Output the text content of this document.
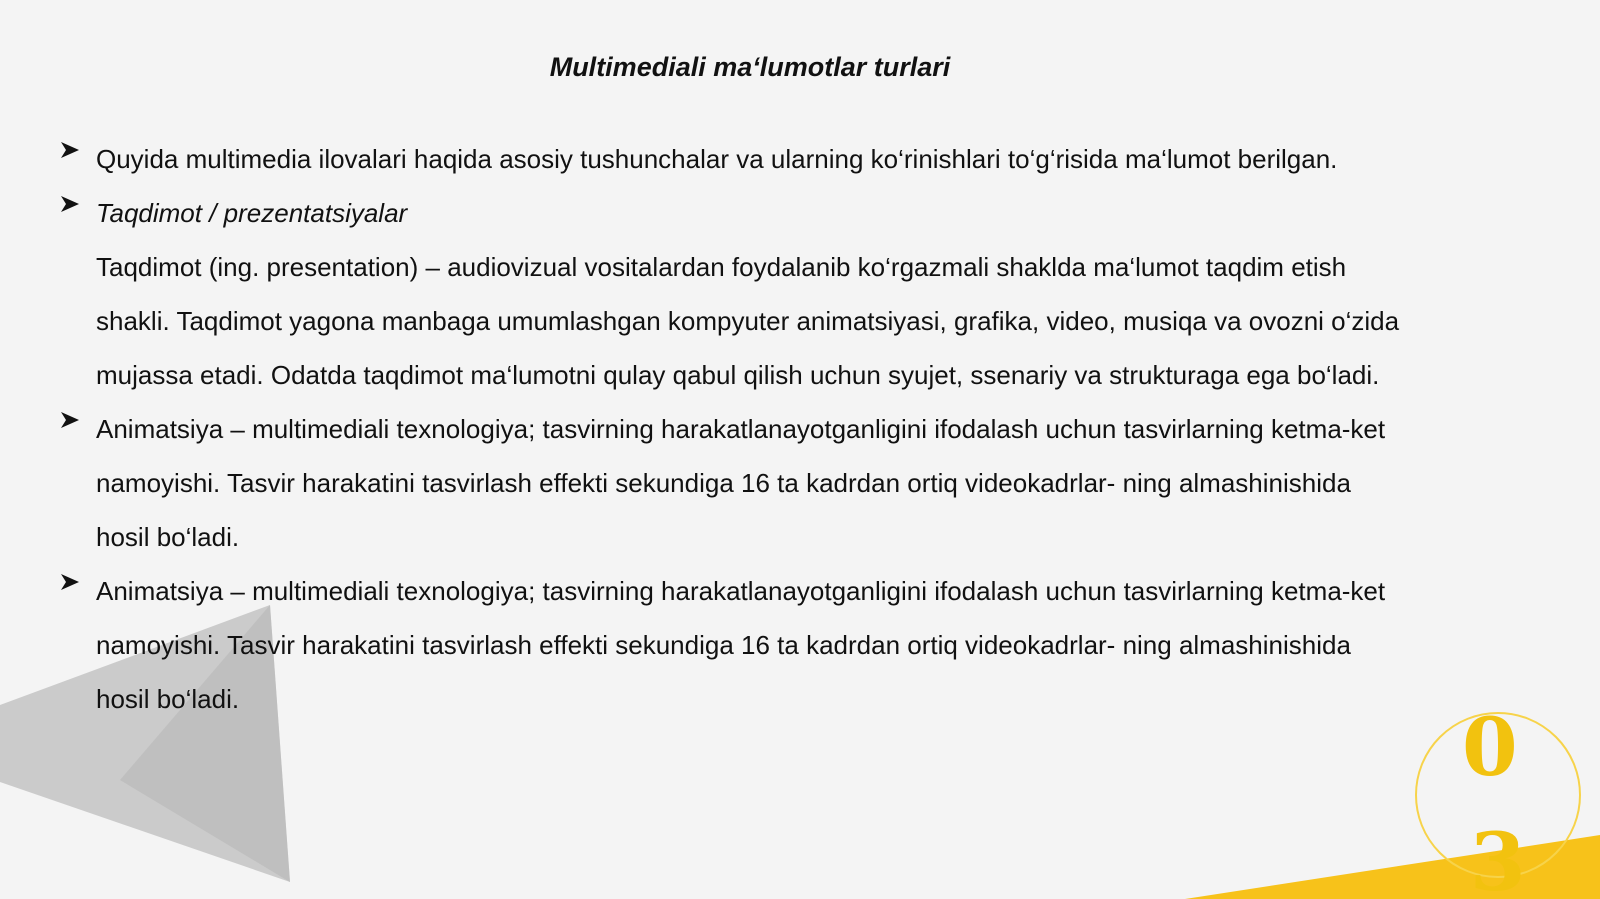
0
3
Multimediali ma‘lumotlar turlari
Quyida multimedia ilovalari haqida asosiy tushunchalar va ularning ko‘rinishlari to‘g‘risida ma‘lumot berilgan.
Taqdimot / prezentatsiyalar
Taqdimot (ing. presentation) – audiovizual vositalardan foydalanib ko‘rgazmali shaklda ma‘lumot taqdim etish shakli. Taqdimot yagona manbaga umumlashgan kompyuter animatsiyasi, grafika, video, musiqa va ovozni o‘zida mujassa etadi. Odatda taqdimot ma‘lumotni qulay qabul qilish uchun syujet, ssenariy va strukturaga ega bo‘ladi.
Animatsiya – multimediali texnologiya; tasvirning harakatlanayotganligini ifodalash uchun tasvirlarning ketma-ket namoyishi. Tasvir harakatini tasvirlash effekti sekundiga 16 ta kadrdan ortiq videokadrlar- ning almashinishida hosil bo‘ladi.
Animatsiya – multimediali texnologiya; tasvirning harakatlanayotganligini ifodalash uchun tasvirlarning ketma-ket namoyishi. Tasvir harakatini tasvirlash effekti sekundiga 16 ta kadrdan ortiq videokadrlar- ning almashinishida hosil bo‘ladi.
